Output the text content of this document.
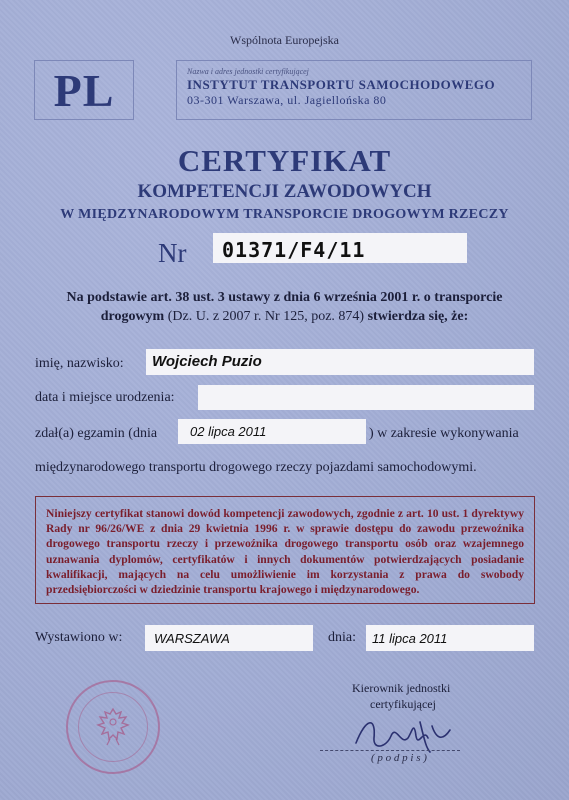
Wspólnota Europejska
PL	Nazwa i adres jednostki certyfikującej
INSTYTUT TRANSPORTU SAMOCHODOWEGO
03-301 Warszawa, ul. Jagiellońska 80
CERTYFIKAT
KOMPETENCJI ZAWODOWYCH
W MIĘDZYNARODOWYM TRANSPORCIE DROGOWYM RZECZY
Nr 01371/F4/11
Na podstawie art. 38 ust. 3 ustawy z dnia 6 września 2001 r. o transporcie
drogowym (Dz. U. z 2007 r. Nr 125, poz. 874) stwierdza się, że:
imię, nazwisko: Wojciech Puzio
data i miejsce urodzenia:
zdał(a) egzamin (dnia	02 lipca 2011	) w zakresie wykonywania
międzynarodowego transportu drogowego rzeczy pojazdami samochodowymi.
Niniejszy certyfikat stanowi dowód kompetencji zawodowych, zgodnie z art. 10 ust. 1 dyrektywy Rady nr 96/26/WE z dnia 29 kwietnia 1996 r. w sprawie dostępu do zawodu przewoźnika drogowego transportu rzeczy i przewoźnika drogowego transportu osób oraz wzajemnego uznawania dyplomów, certyfikatów i innych dokumentów potwierdzających posiadanie kwalifikacji, mających na celu umożliwienie im korzystania z prawa do swobody przedsiębiorczości w dziedzinie transportu krajowego i międzynarodowego.
Wystawiono w: WARSZAWA	dnia: 11 lipca 2011
Kierownik jednostki
certyfikującej
( p o d p i s )
